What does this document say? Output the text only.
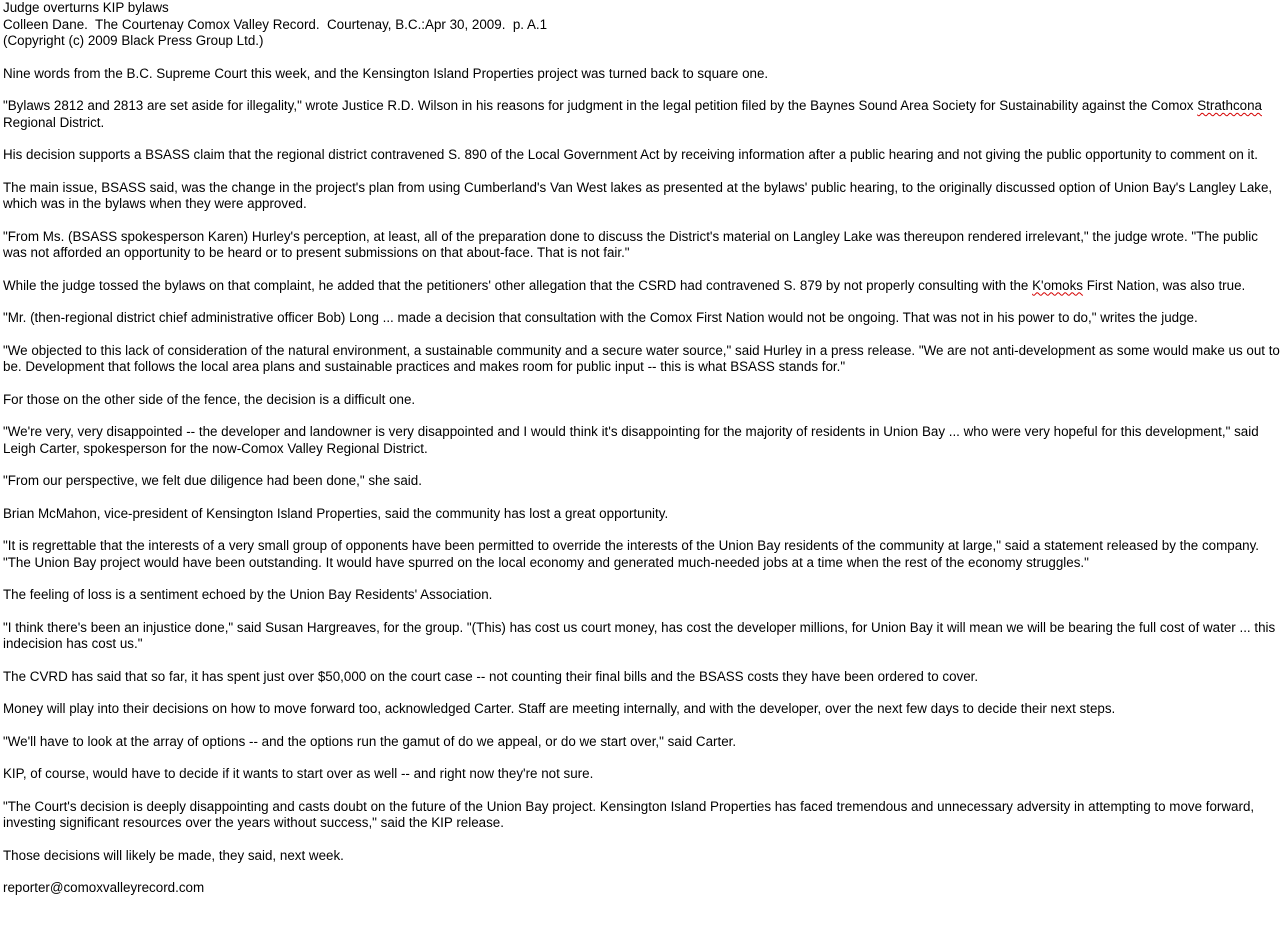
Judge overturns KIP bylaws
Colleen Dane.  The Courtenay Comox Valley Record.  Courtenay, B.C.:Apr 30, 2009.  p. A.1
(Copyright (c) 2009 Black Press Group Ltd.)

Nine words from the B.C. Supreme Court this week, and the Kensington Island Properties project was turned back to square one.

"Bylaws 2812 and 2813 are set aside for illegality," wrote Justice R.D. Wilson in his reasons for judgment in the legal petition filed by the Baynes Sound Area Society for Sustainability against the Comox Strathcona Regional District.

His decision supports a BSASS claim that the regional district contravened S. 890 of the Local Government Act by receiving information after a public hearing and not giving the public opportunity to comment on it.

The main issue, BSASS said, was the change in the project's plan from using Cumberland's Van West lakes as presented at the bylaws' public hearing, to the originally discussed option of Union Bay's Langley Lake, which was in the bylaws when they were approved.

"From Ms. (BSASS spokesperson Karen) Hurley's perception, at least, all of the preparation done to discuss the District's material on Langley Lake was thereupon rendered irrelevant," the judge wrote. "The public was not afforded an opportunity to be heard or to present submissions on that about-face. That is not fair."

While the judge tossed the bylaws on that complaint, he added that the petitioners' other allegation that the CSRD had contravened S. 879 by not properly consulting with the K'omoks First Nation, was also true.

"Mr. (then-regional district chief administrative officer Bob) Long ... made a decision that consultation with the Comox First Nation would not be ongoing. That was not in his power to do," writes the judge.

"We objected to this lack of consideration of the natural environment, a sustainable community and a secure water source," said Hurley in a press release. "We are not anti-development as some would make us out to be. Development that follows the local area plans and sustainable practices and makes room for public input -- this is what BSASS stands for."

For those on the other side of the fence, the decision is a difficult one.

"We're very, very disappointed -- the developer and landowner is very disappointed and I would think it's disappointing for the majority of residents in Union Bay ... who were very hopeful for this development," said Leigh Carter, spokesperson for the now-Comox Valley Regional District.

"From our perspective, we felt due diligence had been done," she said.

Brian McMahon, vice-president of Kensington Island Properties, said the community has lost a great opportunity.

"It is regrettable that the interests of a very small group of opponents have been permitted to override the interests of the Union Bay residents of the community at large," said a statement released by the company. "The Union Bay project would have been outstanding. It would have spurred on the local economy and generated much-needed jobs at a time when the rest of the economy struggles."

The feeling of loss is a sentiment echoed by the Union Bay Residents' Association.

"I think there's been an injustice done," said Susan Hargreaves, for the group. "(This) has cost us court money, has cost the developer millions, for Union Bay it will mean we will be bearing the full cost of water ... this indecision has cost us."

The CVRD has said that so far, it has spent just over $50,000 on the court case -- not counting their final bills and the BSASS costs they have been ordered to cover.

Money will play into their decisions on how to move forward too, acknowledged Carter. Staff are meeting internally, and with the developer, over the next few days to decide their next steps.

"We'll have to look at the array of options -- and the options run the gamut of do we appeal, or do we start over," said Carter.

KIP, of course, would have to decide if it wants to start over as well -- and right now they're not sure.

"The Court's decision is deeply disappointing and casts doubt on the future of the Union Bay project. Kensington Island Properties has faced tremendous and unnecessary adversity in attempting to move forward, investing significant resources over the years without success," said the KIP release.

Those decisions will likely be made, they said, next week.

reporter@comoxvalleyrecord.com
